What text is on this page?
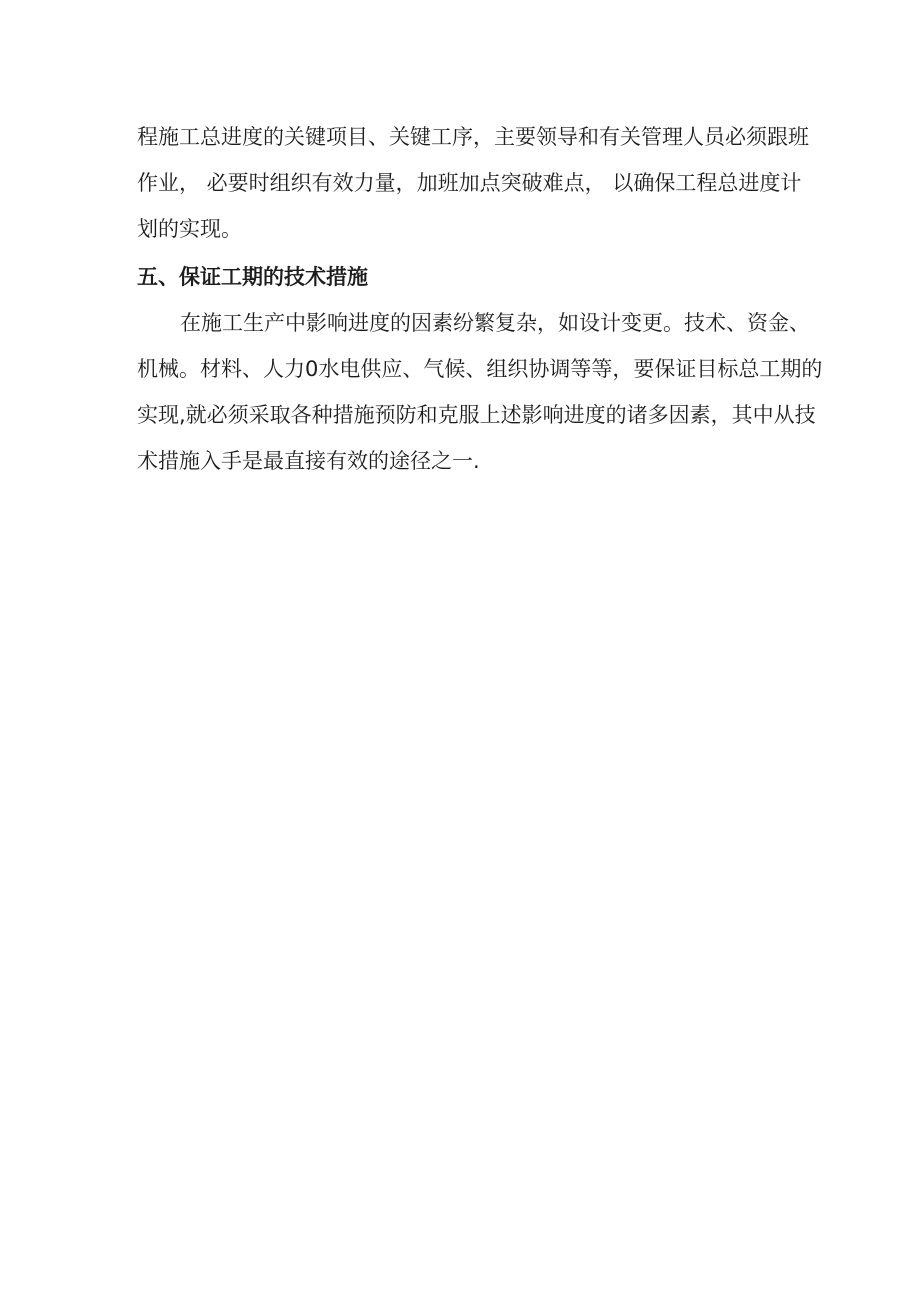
程施工总进度的关键项目、关键工序，主要领导和有关管理人员必须跟班
作业， 必要时组织有效力量，加班加点突破难点， 以确保工程总进度计
划的实现。
五、保证工期的技术措施
在施工生产中影响进度的因素纷繁复杂，如设计变更。技术、资金、
机械。材料、人力0水电供应、气候、组织协调等等，要保证目标总工期的
实现,就必须采取各种措施预防和克服上述影响进度的诸多因素，其中从技
术措施入手是最直接有效的途径之一.
